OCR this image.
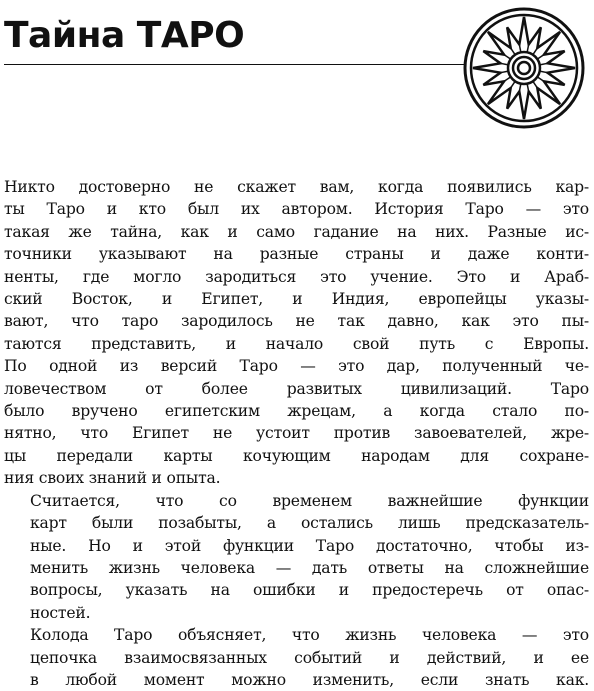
Тайна ТАРО

Никто достоверно не скажет вам, когда появились кар-
ты Таро и кто был их автором. История Таро — это
такая же тайна, как и само гадание на них. Разные ис-
точники указывают на разные страны и даже конти-
ненты, где могло зародиться это учение. Это и Араб-
ский Восток, и Египет, и Индия, европейцы указы-
вают, что таро зародилось не так давно, как это пы-
таются представить, и начало свой путь с Европы.
По одной из версий Таро — это дар, полученный че-
ловечеством от более развитых цивилизаций. Таро
было вручено египетским жрецам, а когда стало по-
нятно, что Египет не устоит против завоевателей, жре-
цы передали карты кочующим народам для сохране-
ния своих знаний и опыта.

Считается, что со временем важнейшие функции
карт были позабыты, а остались лишь предсказатель-
ные. Но и этой функции Таро достаточно, чтобы из-
менить жизнь человека — дать ответы на сложнейшие
вопросы, указать на ошибки и предостеречь от опас-
ностей.

Колода Таро объясняет, что жизнь человека — это
цепочка взаимосвязанных событий и действий, и ее
в любой момент можно изменить, если знать как.
